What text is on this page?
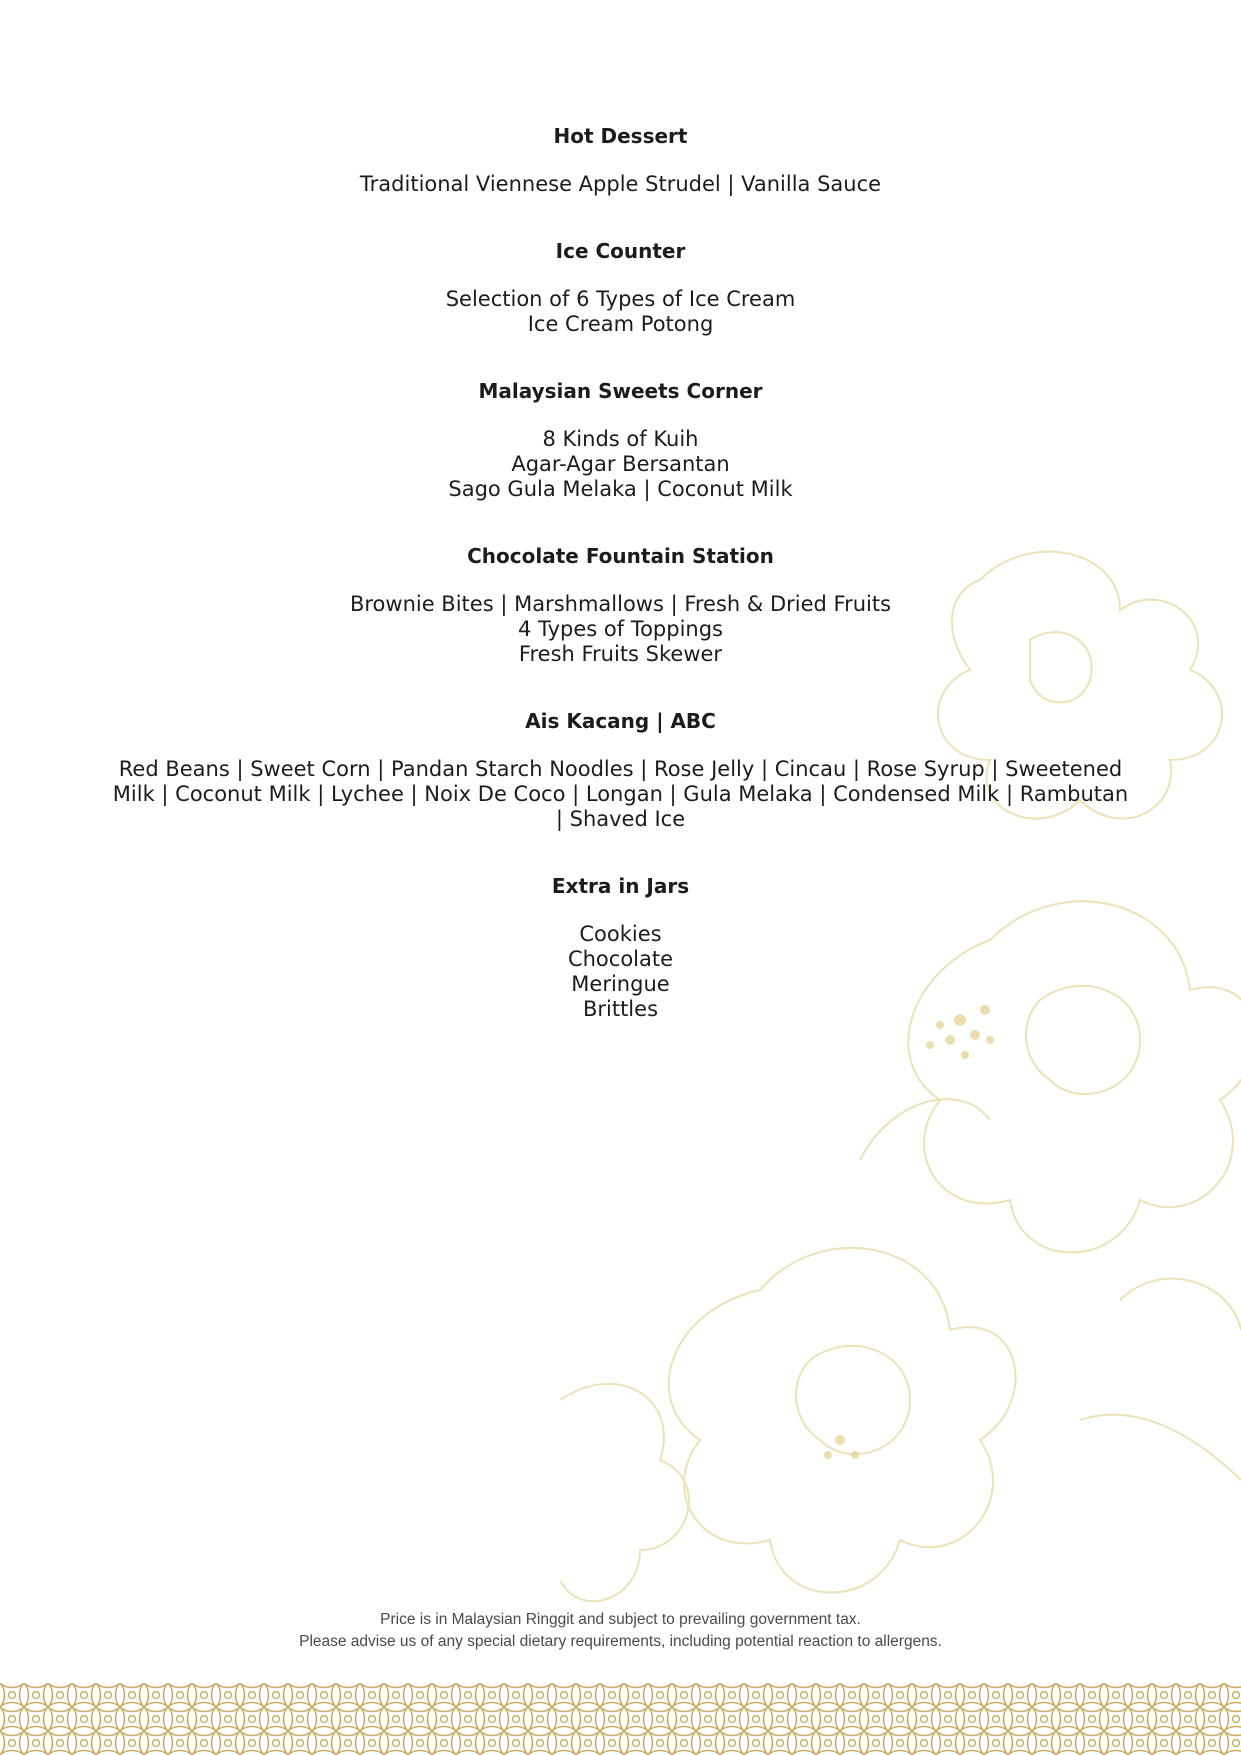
Hot Dessert
Traditional Viennese Apple Strudel | Vanilla Sauce
Ice Counter
Selection of 6 Types of Ice Cream
Ice Cream Potong
Malaysian Sweets Corner
8 Kinds of Kuih
Agar-Agar Bersantan
Sago Gula Melaka | Coconut Milk
Chocolate Fountain Station
Brownie Bites | Marshmallows | Fresh & Dried Fruits
4 Types of Toppings
Fresh Fruits Skewer
Ais Kacang | ABC
Red Beans | Sweet Corn | Pandan Starch Noodles | Rose Jelly | Cincau | Rose Syrup | Sweetened Milk | Coconut Milk | Lychee | Noix De Coco | Longan | Gula Melaka | Condensed Milk | Rambutan | Shaved Ice
Extra in Jars
Cookies
Chocolate
Meringue
Brittles
Price is in Malaysian Ringgit and subject to prevailing government tax.
Please advise us of any special dietary requirements, including potential reaction to allergens.
